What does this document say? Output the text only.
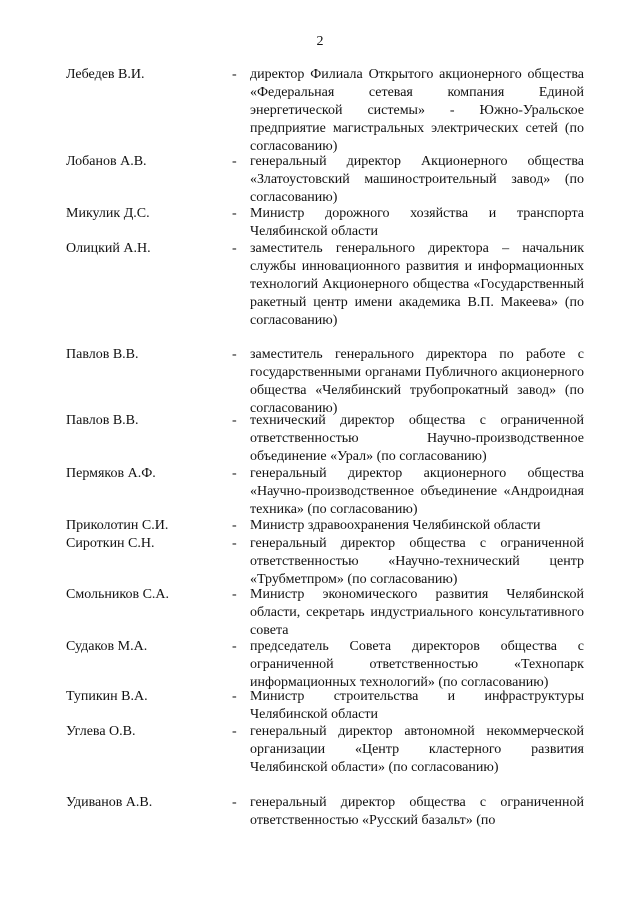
2
Лебедев В.И.	- директор Филиала Открытого акционерного общества «Федеральная сетевая компания Единой энергетической системы» - Южно-Уральское предприятие магистральных электрических сетей (по согласованию)
Лобанов А.В.	- генеральный директор Акционерного общества «Златоустовский машиностроительный завод» (по согласованию)
Микулик Д.С.	- Министр дорожного хозяйства и транспорта Челябинской области
Олицкий А.Н.	- заместитель генерального директора – начальник службы инновационного развития и информационных технологий Акционерного общества «Государственный ракетный центр имени академика В.П. Макеева» (по согласованию)
Павлов В.В.	- заместитель генерального директора по работе с государственными органами Публичного акционерного общества «Челябинский трубопрокатный завод» (по согласованию)
Павлов В.В.	- технический директор общества с ограниченной ответственностью Научно-производственное объединение «Урал» (по согласованию)
Пермяков А.Ф.	- генеральный директор акционерного общества «Научно-производственное объединение «Андроидная техника» (по согласованию)
Приколотин С.И.	- Министр здравоохранения Челябинской области
Сироткин С.Н.	- генеральный директор общества с ограниченной ответственностью «Научно-технический центр «Трубметпром» (по согласованию)
Смольников С.А.	- Министр экономического развития Челябинской области, секретарь индустриального консультативного совета
Судаков М.А.	- председатель Совета директоров общества с ограниченной ответственностью «Технопарк информационных технологий» (по согласованию)
Тупикин В.А.	- Министр строительства и инфраструктуры Челябинской области
Углева О.В.	- генеральный директор автономной некоммерческой организации «Центр кластерного развития Челябинской области» (по согласованию)
Удиванов А.В.	- генеральный директор общества с ограниченной ответственностью «Русский базальт» (по
